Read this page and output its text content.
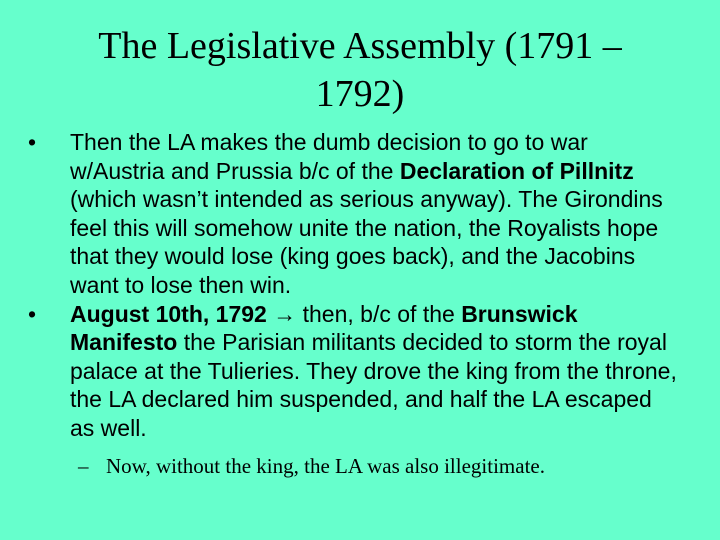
The Legislative Assembly (1791 –
1792)

•	Then the LA makes the dumb decision to go to war w/Austria and Prussia b/c of the Declaration of Pillnitz (which wasn’t intended as serious anyway). The Girondins feel this will somehow unite the nation, the Royalists hope that they would lose (king goes back), and the Jacobins want to lose then win.

•	August 10th, 1792 → then, b/c of the Brunswick Manifesto the Parisian militants decided to storm the royal palace at the Tulieries. They drove the king from the throne, the LA declared him suspended, and half the LA escaped as well.

– Now, without the king, the LA was also illegitimate.
